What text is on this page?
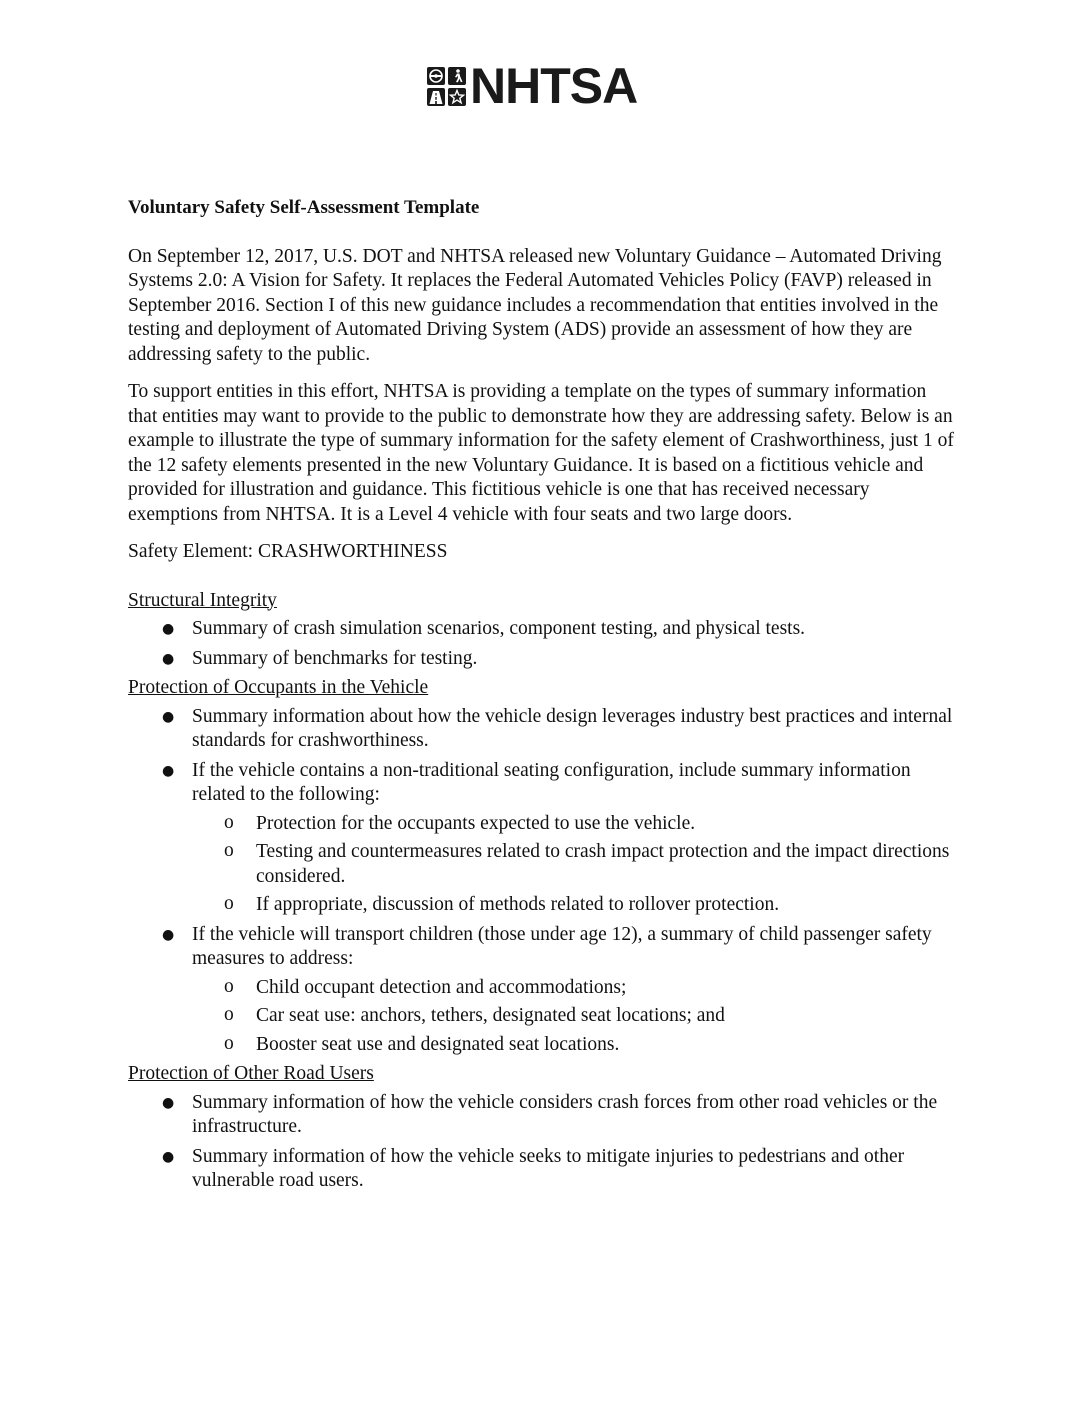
NHTSA
Voluntary Safety Self-Assessment Template

On September 12, 2017, U.S. DOT and NHTSA released new Voluntary Guidance – Automated Driving Systems 2.0: A Vision for Safety. It replaces the Federal Automated Vehicles Policy (FAVP) released in September 2016. Section I of this new guidance includes a recommendation that entities involved in the testing and deployment of Automated Driving System (ADS) provide an assessment of how they are addressing safety to the public.

To support entities in this effort, NHTSA is providing a template on the types of summary information that entities may want to provide to the public to demonstrate how they are addressing safety. Below is an example to illustrate the type of summary information for the safety element of Crashworthiness, just 1 of the 12 safety elements presented in the new Voluntary Guidance. It is based on a fictitious vehicle and provided for illustration and guidance. This fictitious vehicle is one that has received necessary exemptions from NHTSA. It is a Level 4 vehicle with four seats and two large doors.

Safety Element: CRASHWORTHINESS

Structural Integrity
● Summary of crash simulation scenarios, component testing, and physical tests.
● Summary of benchmarks for testing.
Protection of Occupants in the Vehicle
● Summary information about how the vehicle design leverages industry best practices and internal standards for crashworthiness.
● If the vehicle contains a non-traditional seating configuration, include summary information related to the following:
o Protection for the occupants expected to use the vehicle.
o Testing and countermeasures related to crash impact protection and the impact directions considered.
o If appropriate, discussion of methods related to rollover protection.
● If the vehicle will transport children (those under age 12), a summary of child passenger safety measures to address:
o Child occupant detection and accommodations;
o Car seat use: anchors, tethers, designated seat locations; and
o Booster seat use and designated seat locations.
Protection of Other Road Users
● Summary information of how the vehicle considers crash forces from other road vehicles or the infrastructure.
● Summary information of how the vehicle seeks to mitigate injuries to pedestrians and other vulnerable road users.
